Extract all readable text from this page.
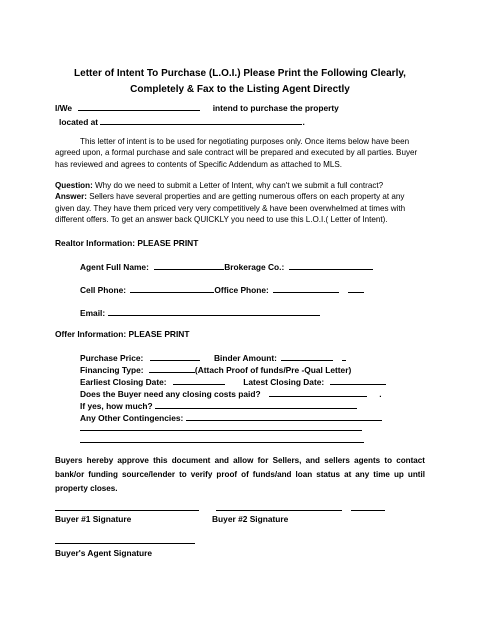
Letter of Intent To Purchase (L.O.I.) Please Print the Following Clearly,
Completely & Fax to the Listing Agent Directly
I/We	intend to purchase the property
located at	.
This letter of intent is to be used for negotiating purposes only. Once items below have been agreed upon, a formal purchase and sale contract will be prepared and executed by all parties. Buyer has reviewed and agrees to contents of Specific Addendum as attached to MLS.
Question: Why do we need to submit a Letter of Intent, why can't we submit a full contract?
Answer: Sellers have several properties and are getting numerous offers on each property at any given day. They have them priced very very competitively & have been overwhelmed at times with different offers. To get an answer back QUICKLY you need to use this L.O.I.( Letter of Intent).
Realtor Information: PLEASE PRINT
Agent Full Name:	Brokerage Co.:
Cell Phone:	Office Phone:
Email:
Offer Information: PLEASE PRINT
Purchase Price:	Binder Amount:
Financing Type:	(Attach Proof of funds/Pre -Qual Letter)
Earliest Closing Date:	Latest Closing Date:
Does the Buyer need any closing costs paid?	.
If yes, how much?
Any Other Contingencies:
Buyers hereby approve this document and allow for Sellers, and sellers agents to contact bank/or funding source/lender to verify proof of funds/and loan status at any time up until property closes.
Buyer #1 Signature	Buyer #2 Signature
Buyer's Agent Signature
